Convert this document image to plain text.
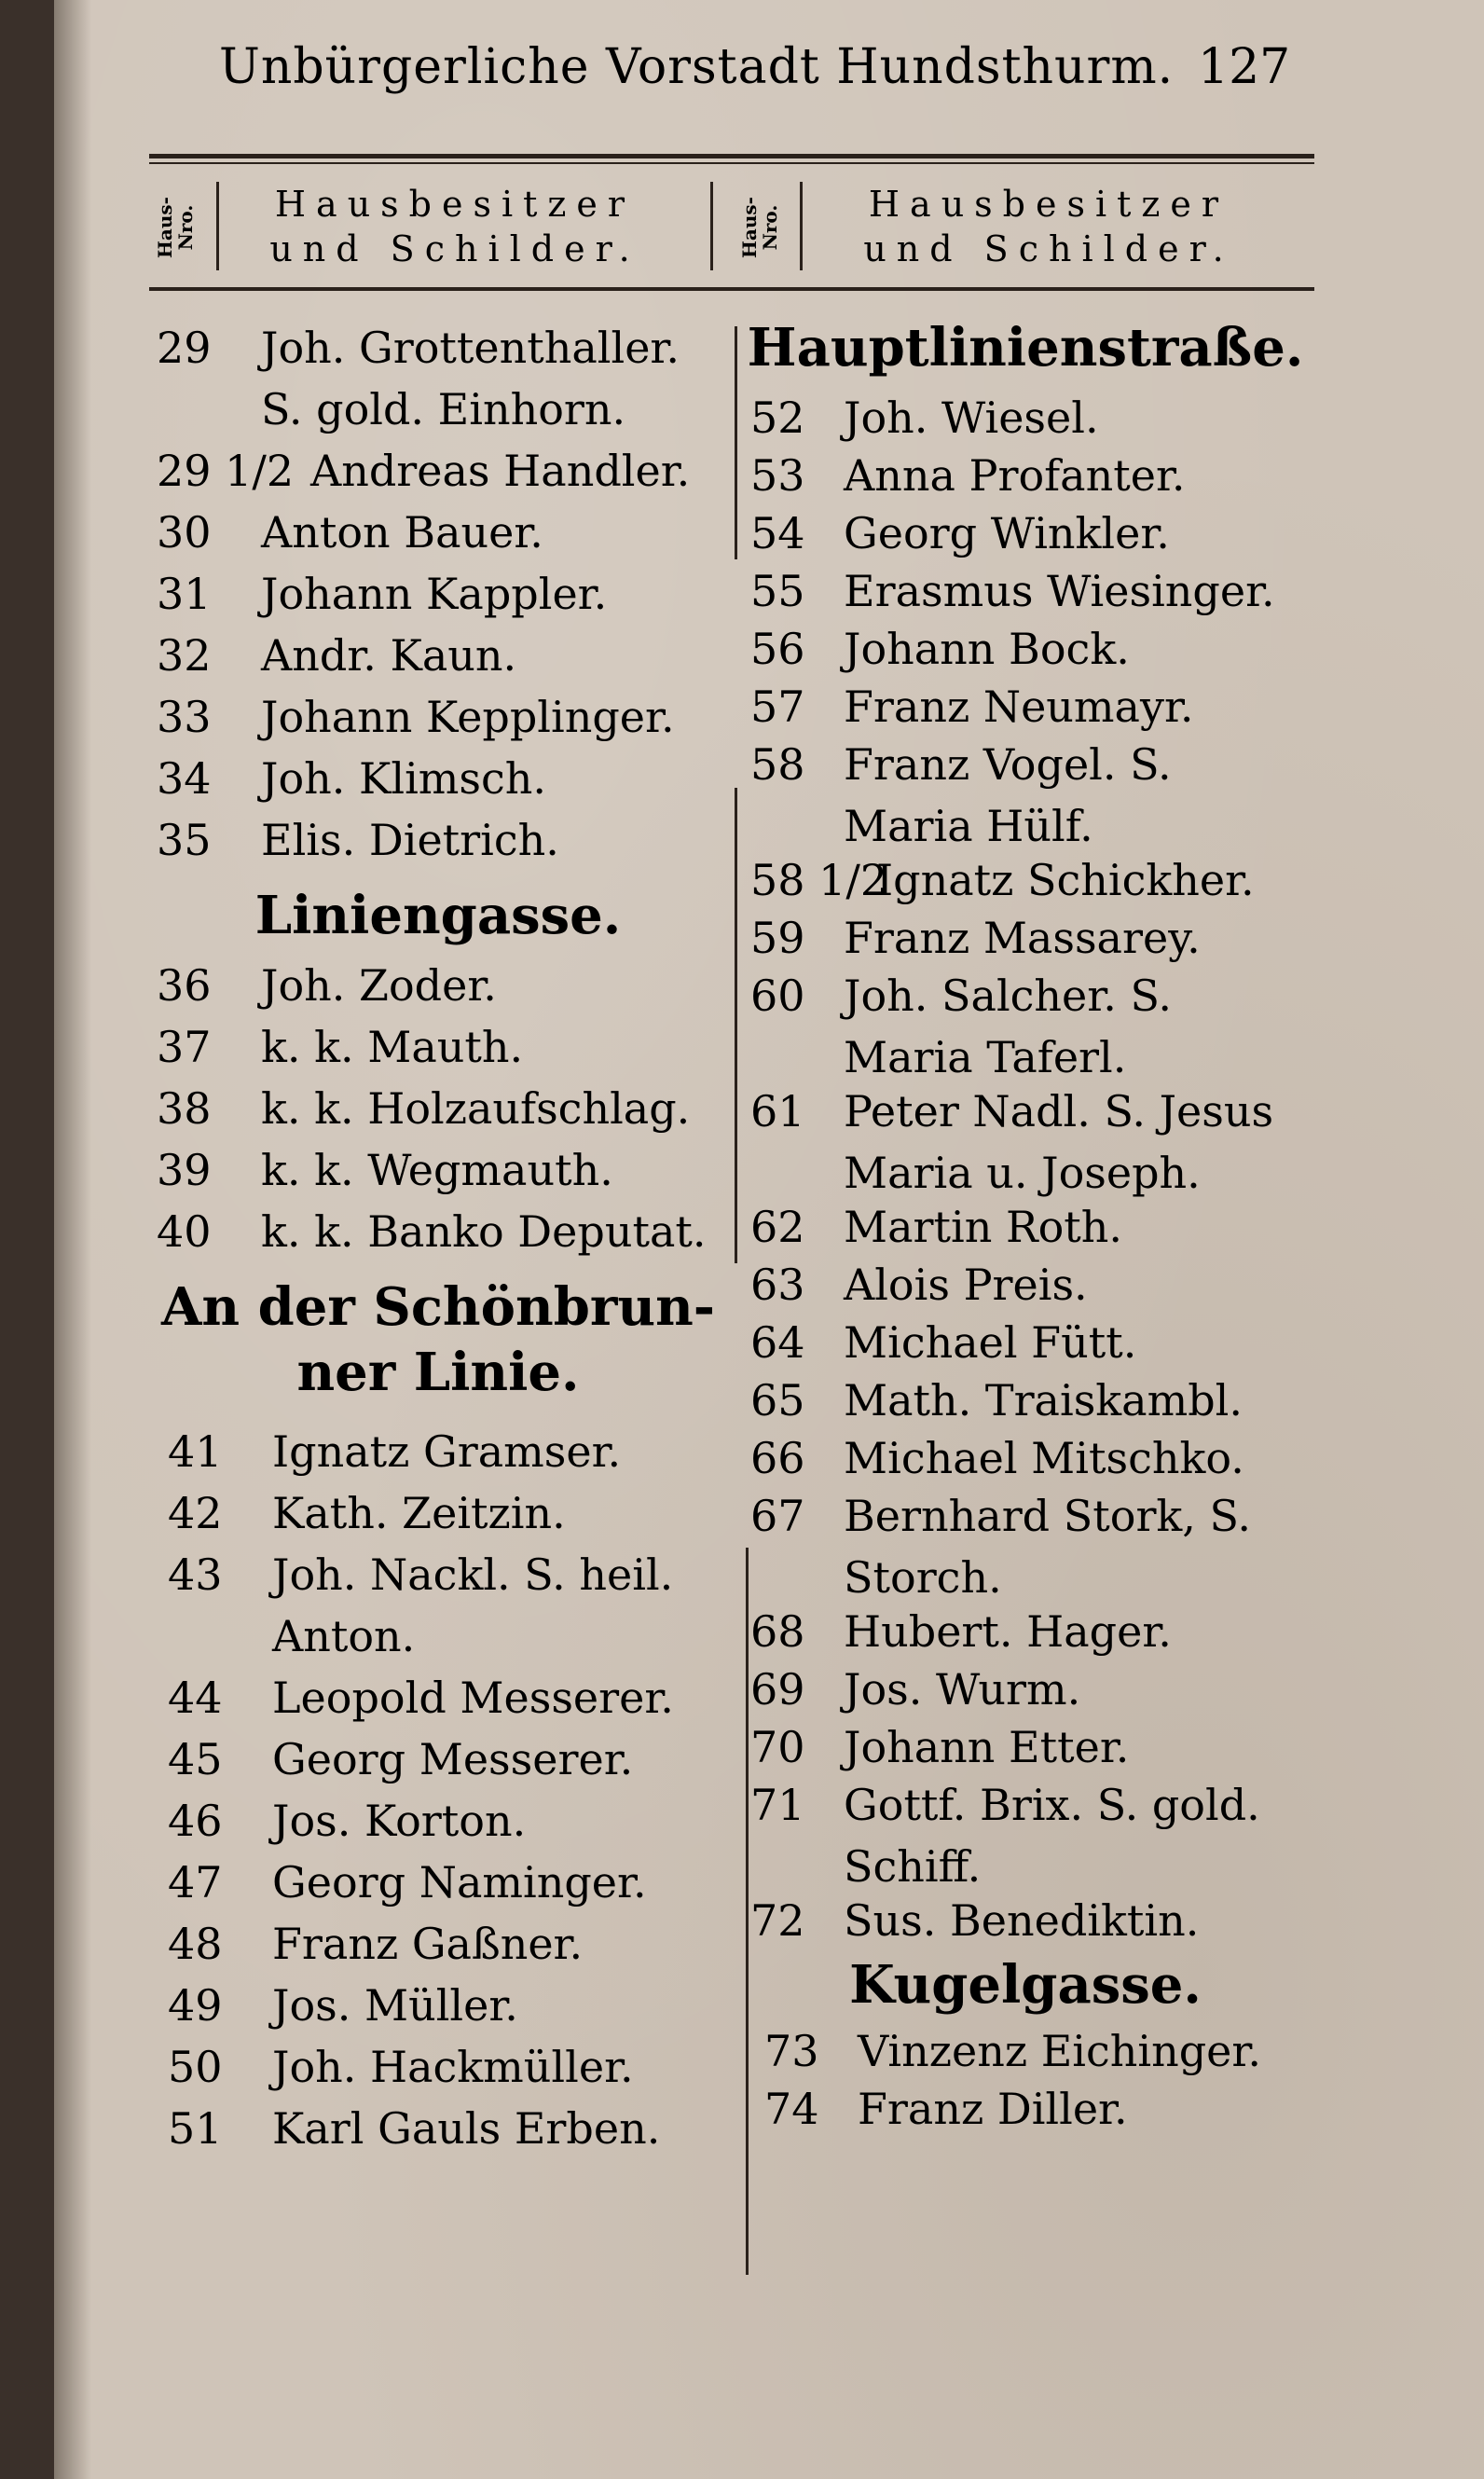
Unbürgerliche Vorstadt Hundsthurm. 127
Haus-
Nro.
Hausbesitzer
und Schilder.	Haus-
Nro.
Hausbesitzer
und Schilder.
29 Joh. Grottenthaller.
S. gold. Einhorn.
29 1/2 Andreas Handler.
30 Anton Bauer.
31 Johann Kappler.
32 Andr. Kaun.
33 Johann Kepplinger.
34 Joh. Klimsch.
35 Elis. Dietrich.
Liniengasse.
36 Joh. Zoder.
37 k. k. Mauth.
38 k. k. Holzaufschlag.
39 k. k. Wegmauth.
40 k. k. Banko Deputat.
An der Schönbrun-
ner Linie.
41 Ignatz Gramser.
42 Kath. Zeitzin.
43 Joh. Nackl. S. heil.
Anton.
44 Leopold Messerer.
45 Georg Messerer.
46 Jos. Korton.
47 Georg Naminger.
48 Franz Gaßner.
49 Jos. Müller.
50 Joh. Hackmüller.
51 Karl Gauls Erben.
Hauptlinienstraße.
52 Joh. Wiesel.
53 Anna Profanter.
54 Georg Winkler.
55 Erasmus Wiesinger.
56 Johann Bock.
57 Franz Neumayr.
58 Franz Vogel. S.
Maria Hülf.
58 1/2Ignatz Schickher.
59 Franz Massarey.
60 Joh. Salcher. S.
Maria Taferl.
61 Peter Nadl. S. Jesus
Maria u. Joseph.
62 Martin Roth.
63 Alois Preis.
64 Michael Fütt.
65 Math. Traiskambl.
66 Michael Mitschko.
67 Bernhard Stork, S.
Storch.
68 Hubert. Hager.
69 Jos. Wurm.
70 Johann Etter.
71 Gottf. Brix. S. gold.
Schiff.
72 Sus. Benediktin.
Kugelgasse.
73 Vinzenz Eichinger.
74 Franz Diller.
